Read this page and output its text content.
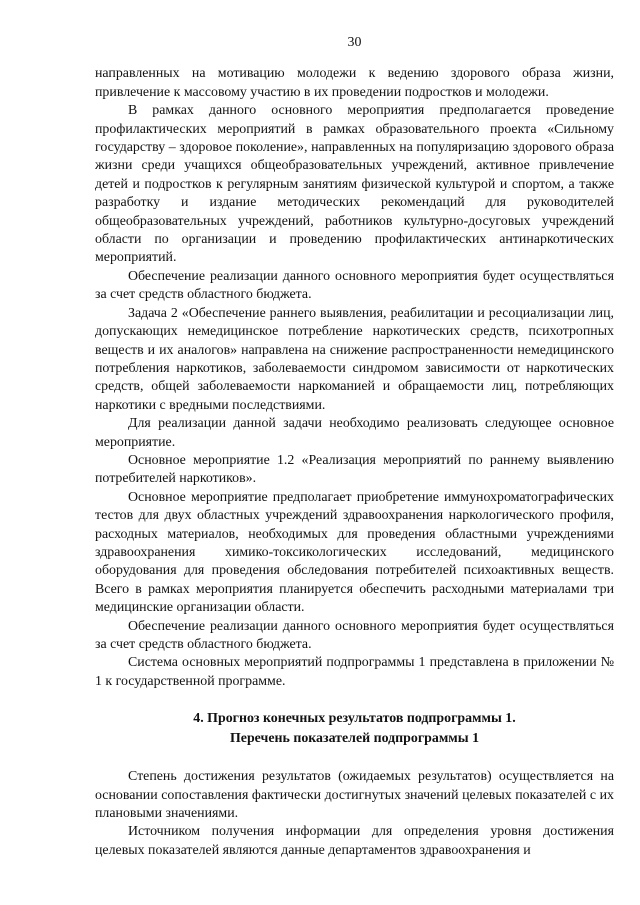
30

направленных на мотивацию молодежи к ведению здорового образа жизни, привлечение к массовому участию в их проведении подростков и молодежи.

В рамках данного основного мероприятия предполагается проведение профилактических мероприятий в рамках образовательного проекта «Сильному государству – здоровое поколение», направленных на популяризацию здорового образа жизни среди учащихся общеобразовательных учреждений, активное привлечение детей и подростков к регулярным занятиям физической культурой и спортом, а также разработку и издание методических рекомендаций для руководителей общеобразовательных учреждений, работников культурно-досуговых учреждений области по организации и проведению профилактических антинаркотических мероприятий.

Обеспечение реализации данного основного мероприятия будет осуществляться за счет средств областного бюджета.

Задача 2 «Обеспечение раннего выявления, реабилитации и ресоциализации лиц, допускающих немедицинское потребление наркотических средств, психотропных веществ и их аналогов» направлена на снижение распространенности немедицинского потребления наркотиков, заболеваемости синдромом зависимости от наркотических средств, общей заболеваемости наркоманией и обращаемости лиц, потребляющих наркотики с вредными последствиями.

Для реализации данной задачи необходимо реализовать следующее основное мероприятие.

Основное мероприятие 1.2 «Реализация мероприятий по раннему выявлению потребителей наркотиков».

Основное мероприятие предполагает приобретение иммунохроматографических тестов для двух областных учреждений здравоохранения наркологического профиля, расходных материалов, необходимых для проведения областными учреждениями здравоохранения химико-токсикологических исследований, медицинского оборудования для проведения обследования потребителей психоактивных веществ. Всего в рамках мероприятия планируется обеспечить расходными материалами три медицинские организации области.

Обеспечение реализации данного основного мероприятия будет осуществляться за счет средств областного бюджета.

Система основных мероприятий подпрограммы 1 представлена в приложении № 1 к государственной программе.

4. Прогноз конечных результатов подпрограммы 1.
Перечень показателей подпрограммы 1

Степень достижения результатов (ожидаемых результатов) осуществляется на основании сопоставления фактически достигнутых значений целевых показателей с их плановыми значениями.

Источником получения информации для определения уровня достижения целевых показателей являются данные департаментов здравоохранения и
